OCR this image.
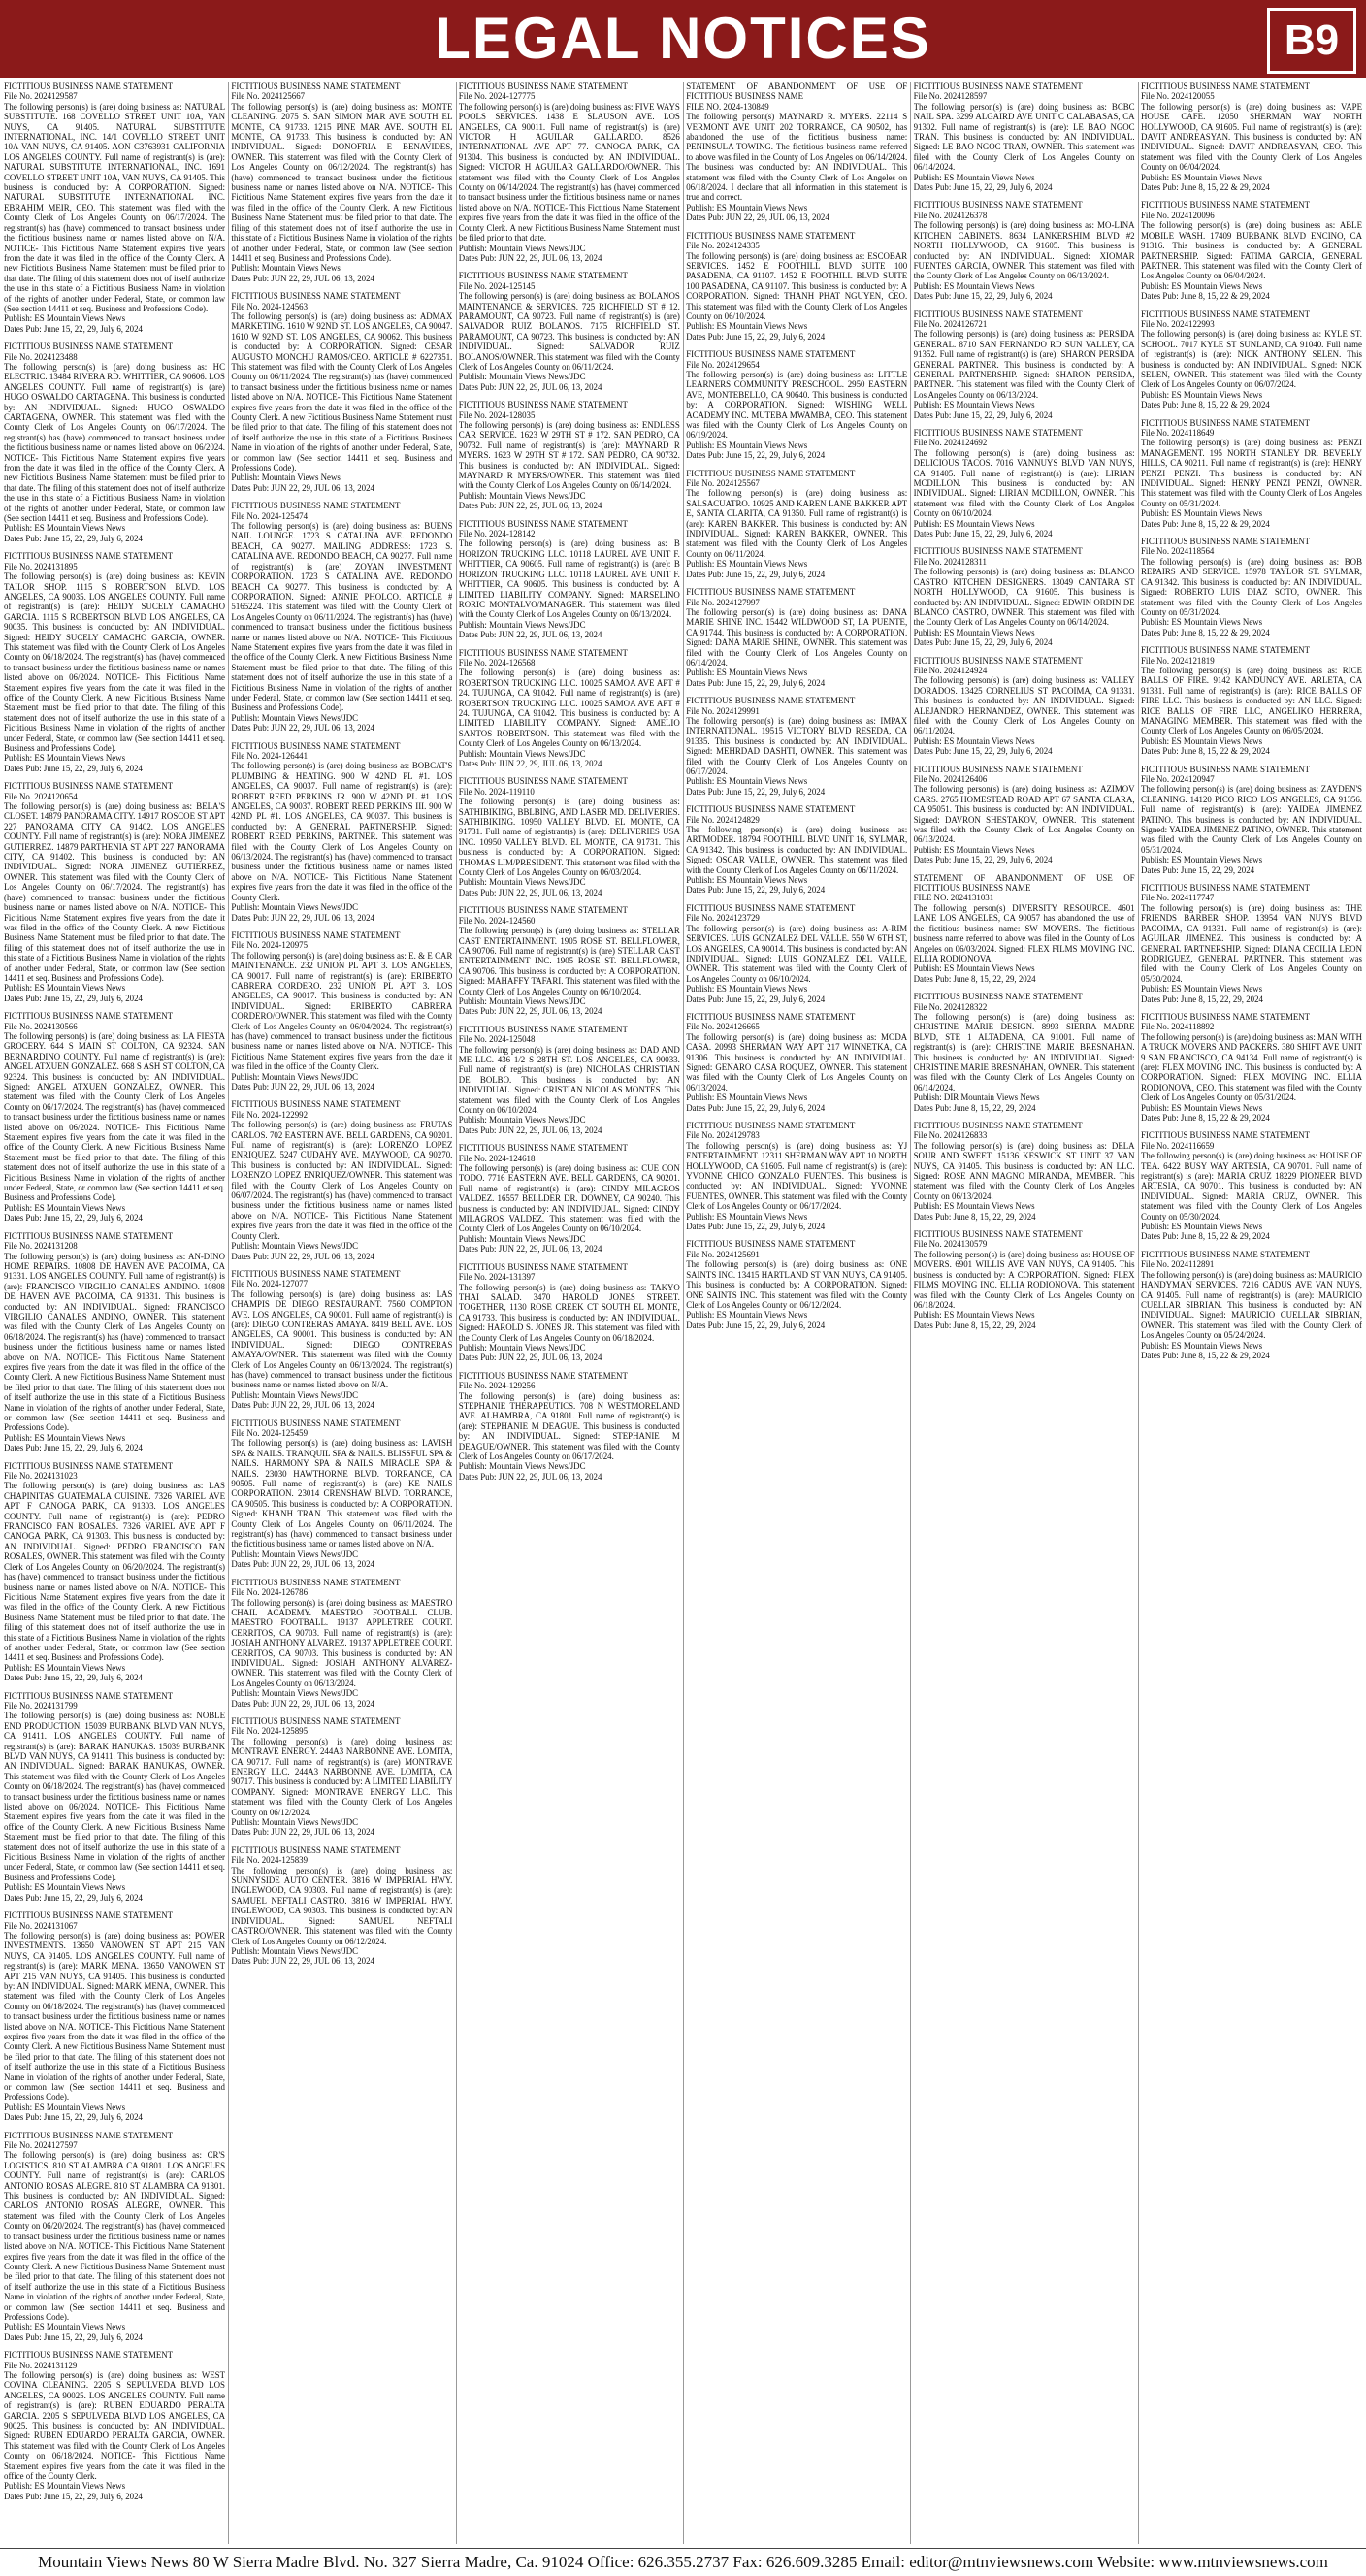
LEGAL NOTICES	B9
FICTITIOUS BUSINESS NAME STATEMENT
File No. 2024129587

The following person(s) is (are) doing business as: NATURAL SUBSTITUTE. 168 COVELLO STREET UNIT 10A, VAN NUYS, CA 91405. NATURAL SUBSTITUTE INTERNATIONAL, INC. 14/1 COVELLO STREET UNIT 10A VAN NUYS, CA 91405. AON C3763931 CALIFORNIA LOS ANGELES COUNTY. Full name of registrant(s) is (are): NATURAL SUBSTITUTE INTERNATIONAL, INC. 1691 COVELLO STREET UNIT 10A, VAN NUYS, CA 91405. This business is conducted by: A CORPORATION. Signed: NATURAL SUBSTITUTE INTERNATIONAL INC. EBRAHIM MEIR, CEO. This statement was filed with the County Clerk of Los Angeles County on 06/17/2024. The registrant(s) has (have) commenced to transact business under the fictitious business name or names listed above on N/A. NOTICE- This Fictitious Name Statement expires five years from the date it was filed in the office of the County Clerk. A new Fictitious Business Name Statement must be filed prior to that date. The filing of this statement does not of itself authorize the use in this state of a Fictitious Business Name in violation of the rights of another under Federal, State, or common law (See section 14411 et seq. Business and Professions Code).

Publish: ES Mountain Views News
Dates Pub: June 15, 22, 29, July 6, 2024
FICTITIOUS BUSINESS NAME STATEMENT
File No. 2024123488

The following person(s) is (are) doing business as: HC ELECTRIC. 13484 RIVERA RD. WHITTIER, CA 90606. LOS ANGELES COUNTY. Full name of registrant(s) is (are) HUGO OSWALDO CARTAGENA. This business is conducted by: AN INDIVIDUAL. Signed: HUGO OSWALDO CARTAGENA, OWNER. This statement was filed with the County Clerk of Los Angeles County on 06/17/2024. The registrant(s) has (have) commenced to transact business under the fictitious business name or names listed above on 06/2024. NOTICE- This Fictitious Name Statement expires five years from the date it was filed in the office of the County Clerk. A new Fictitious Business Name Statement must be filed prior to that date. The filing of this statement does not of itself authorize the use in this state of a Fictitious Business Name in violation of the rights of another under Federal, State, or common law (See section 14411 et seq. Business and Professions Code).

Publish: ES Mountain Views News
Dates Pub: June 15, 22, 29, July 6, 2024
FICTITIOUS BUSINESS NAME STATEMENT
File No. 2024131895

The following person(s) is (are) doing business as: KEVIN TAILOR SHOP. 1115 S ROBERTSON BLVD. LOS ANGELES, CA 90035. LOS ANGELES COUNTY. Full name of registrant(s) is (are): HEIDY SUCELY CAMACHO GARCIA. 1115 S ROBERTSON BLVD LOS ANGELES, CA 90035. This business is conducted by: AN INDIVIDUAL. Signed: HEIDY SUCELY CAMACHO GARCIA, OWNER. This statement was filed with the County Clerk of Los Angeles County on 06/18/2024. The registrant(s) has (have) commenced to transact business under the fictitious business name or names listed above on 06/2024. NOTICE- This Fictitious Name Statement expires five years from the date it was filed in the office of the County Clerk. A new Fictitious Business Name Statement must be filed prior to that date. The filing of this statement does not of itself authorize the use in this state of a Fictitious Business Name in violation of the rights of another under Federal, State, or common law (See section 14411 et seq. Business and Professions Code).

Publish: ES Mountain Views News
Dates Pub: June 15, 22, 29, July 6, 2024
FICTITIOUS BUSINESS NAME STATEMENT
File No. 2024120654

The following person(s) is (are) doing business as: BELA'S CLOSET. 14879 PANORAMA CITY. 14917 ROSCOE ST APT 227 PANORAMA CITY CA 91402. LOS ANGELES COUNTY. Full name of registrant(s) is (are): NORA JIMENEZ GUTIERREZ. 14879 PARTHENIA ST APT 227 PANORAMA CITY, CA 91402. This business is conducted by: AN INDIVIDUAL. Signed: NORA JIMENEZ GUTIERREZ, OWNER. This statement was filed with the County Clerk of Los Angeles County on 06/17/2024. The registrant(s) has (have) commenced to transact business under the fictitious business name or names listed above on N/A. NOTICE- This Fictitious Name Statement expires five years from the date it was filed in the office of the County Clerk. A new Fictitious Business Name Statement must be filed prior to that date. The filing of this statement does not of itself authorize the use in this state of a Fictitious Business Name in violation of the rights of another under Federal, State, or common law (See section 14411 et seq. Business and Professions Code).

Publish: ES Mountain Views News
Dates Pub: June 15, 22, 29, July 6, 2024
FICTITIOUS BUSINESS NAME STATEMENT
File No. 2024130566

The following person(s) is (are) doing business as: LA FIESTA GROCERY. 644 S MAIN ST COLTON, CA 92324. SAN BERNARDINO COUNTY. Full name of registrant(s) is (are): ANGEL ATXUEN GONZALEZ. 668 S ASH ST COLTON, CA 92324. This business is conducted by: AN INDIVIDUAL. Signed: ANGEL ATXUEN GONZALEZ, OWNER. This statement was filed with the County Clerk of Los Angeles County on 06/17/2024. The registrant(s) has (have) commenced to transact business under the fictitious business name or names listed above on 06/2024. NOTICE- This Fictitious Name Statement expires five years from the date it was filed in the office of the County Clerk. A new Fictitious Business Name Statement must be filed prior to that date. The filing of this statement does not of itself authorize the use in this state of a Fictitious Business Name in violation of the rights of another under Federal, State, or common law (See section 14411 et seq. Business and Professions Code).

Publish: ES Mountain Views News
Dates Pub: June 15, 22, 29, July 6, 2024
FICTITIOUS BUSINESS NAME STATEMENT
File No. 2024131208

The following person(s) is (are) doing business as: AN-DINO HOME REPAIRS. 10808 DE HAVEN AVE PACOIMA, CA 91331. LOS ANGELES COUNTY. Full name of registrant(s) is (are): FRANCISCO VIRGILIO CANALES ANDINO. 10808 DE HAVEN AVE PACOIMA, CA 91331. This business is conducted by: AN INDIVIDUAL. Signed: FRANCISCO VIRGILIO CANALES ANDINO, OWNER. This statement was filed with the County Clerk of Los Angeles County on 06/18/2024. The registrant(s) has (have) commenced to transact business under the fictitious business name or names listed above on N/A. NOTICE- This Fictitious Name Statement expires five years from the date it was filed in the office of the County Clerk. A new Fictitious Business Name Statement must be filed prior to that date. The filing of this statement does not of itself authorize the use in this state of a Fictitious Business Name in violation of the rights of another under Federal, State, or common law (See section 14411 et seq. Business and Professions Code).

Publish: ES Mountain Views News
Dates Pub: June 15, 22, 29, July 6, 2024
FICTITIOUS BUSINESS NAME STATEMENT
File No. 2024131023

The following person(s) is (are) doing business as: LAS CHAPINITAS GUATEMALA CUISINE. 7326 VARIEL AVE APT F CANOGA PARK, CA 91303. LOS ANGELES COUNTY. Full name of registrant(s) is (are): PEDRO FRANCISCO FAN ROSALES. 7326 VARIEL AVE APT F CANOGA PARK, CA 91303. This business is conducted by: AN INDIVIDUAL. Signed: PEDRO FRANCISCO FAN ROSALES, OWNER. This statement was filed with the County Clerk of Los Angeles County on 06/20/2024. The registrant(s) has (have) commenced to transact business under the fictitious business name or names listed above on N/A. NOTICE- This Fictitious Name Statement expires five years from the date it was filed in the office of the County Clerk. A new Fictitious Business Name Statement must be filed prior to that date. The filing of this statement does not of itself authorize the use in this state of a Fictitious Business Name in violation of the rights of another under Federal, State, or common law (See section 14411 et seq. Business and Professions Code).

Publish: ES Mountain Views News
Dates Pub: June 15, 22, 29, July 6, 2024
FICTITIOUS BUSINESS NAME STATEMENT
File No. 2024131799

The following person(s) is (are) doing business as: NOBLE END PRODUCTION. 15039 BURBANK BLVD VAN NUYS, CA 91411. LOS ANGELES COUNTY. Full name of registrant(s) is (are): BARAK HANUKAS. 15039 BURBANK BLVD VAN NUYS, CA 91411. This business is conducted by: AN INDIVIDUAL. Signed: BARAK HANUKAS, OWNER. This statement was filed with the County Clerk of Los Angeles County on 06/18/2024. The registrant(s) has (have) commenced to transact business under the fictitious business name or names listed above on 06/2024. NOTICE- This Fictitious Name Statement expires five years from the date it was filed in the office of the County Clerk. A new Fictitious Business Name Statement must be filed prior to that date. The filing of this statement does not of itself authorize the use in this state of a Fictitious Business Name in violation of the rights of another under Federal, State, or common law (See section 14411 et seq. Business and Professions Code).

Publish: ES Mountain Views News
Dates Pub: June 15, 22, 29, July 6, 2024
FICTITIOUS BUSINESS NAME STATEMENT
File No. 2024131067

The following person(s) is (are) doing business as: POWER INVESTMENTS. 13650 VANOWEN ST APT 215 VAN NUYS, CA 91405. LOS ANGELES COUNTY. Full name of registrant(s) is (are): MARK MENA. 13650 VANOWEN ST APT 215 VAN NUYS, CA 91405. This business is conducted by: AN INDIVIDUAL. Signed: MARK MENA, OWNER. This statement was filed with the County Clerk of Los Angeles County on 06/18/2024. The registrant(s) has (have) commenced to transact business under the fictitious business name or names listed above on N/A. NOTICE- This Fictitious Name Statement expires five years from the date it was filed in the office of the County Clerk. A new Fictitious Business Name Statement must be filed prior to that date. The filing of this statement does not of itself authorize the use in this state of a Fictitious Business Name in violation of the rights of another under Federal, State, or common law (See section 14411 et seq. Business and Professions Code).

Publish: ES Mountain Views News
Dates Pub: June 15, 22, 29, July 6, 2024
FICTITIOUS BUSINESS NAME STATEMENT
File No. 2024127597

The following person(s) is (are) doing business as: CR'S LOGISTICS. 810 ST ALAMBRA CA 91801. LOS ANGELES COUNTY. Full name of registrant(s) is (are): CARLOS ANTONIO ROSAS ALEGRE. 810 ST ALAMBRA CA 91801. This business is conducted by: AN INDIVIDUAL. Signed: CARLOS ANTONIO ROSAS ALEGRE, OWNER. This statement was filed with the County Clerk of Los Angeles County on 06/20/2024. The registrant(s) has (have) commenced to transact business under the fictitious business name or names listed above on N/A. NOTICE- This Fictitious Name Statement expires five years from the date it was filed in the office of the County Clerk. A new Fictitious Business Name Statement must be filed prior to that date. The filing of this statement does not of itself authorize the use in this state of a Fictitious Business Name in violation of the rights of another under Federal, State, or common law (See section 14411 et seq. Business and Professions Code).

Publish: ES Mountain Views News
Dates Pub: June 15, 22, 29, July 6, 2024
FICTITIOUS BUSINESS NAME STATEMENT
File No. 2024131129

The following person(s) is (are) doing business as: WEST COVINA CLEANING. 2205 S SEPULVEDA BLVD LOS ANGELES, CA 90025. LOS ANGELES COUNTY. Full name of registrant(s) is (are): RUBEN EDUARDO PERALTA GARCIA. 2205 S SEPULVEDA BLVD LOS ANGELES, CA 90025. This business is conducted by: AN INDIVIDUAL. Signed: RUBEN EDUARDO PERALTA GARCIA, OWNER. This statement was filed with the County Clerk of Los Angeles County on 06/18/2024. NOTICE- This Fictitious Name Statement expires five years from the date it was filed in the office of the County Clerk.

Publish: ES Mountain Views News
Dates Pub: June 15, 22, 29, July 6, 2024
FICTITIOUS BUSINESS NAME STATEMENT
File No. 2024125667

The following person(s) is (are) doing business as: MONTE CLEANING. 2075 S. SAN SIMON MAR AVE SOUTH EL MONTE, CA 91733. 1215 PINE MAR AVE. SOUTH EL MONTE, CA 91733. This business is conducted by: AN INDIVIDUAL. Signed: DONOFRIA E BENAVIDES, OWNER. This statement was filed with the County Clerk of Los Angeles County on 06/12/2024. The registrant(s) has (have) commenced to transact business under the fictitious business name or names listed above on N/A. NOTICE- This Fictitious Name Statement expires five years from the date it was filed in the office of the County Clerk. A new Fictitious Business Name Statement must be filed prior to that date. The filing of this statement does not of itself authorize the use in this state of a Fictitious Business Name in violation of the rights of another under Federal, State, or common law (See section 14411 et seq. Business and Professions Code).

Publish: Mountain Views News
Dates Pub: JUN 22, 29, JUL 06, 13, 2024
FICTITIOUS BUSINESS NAME STATEMENT
File No. 2024-124563

The following person(s) is (are) doing business as: ADMAX MARKETING. 1610 W 92ND ST. LOS ANGELES, CA 90047. 1610 W 92ND ST. LOS ANGELES, CA 90062. This business is conducted by: A CORPORATION. Signed: CESAR AUGUSTO MONCHU RAMOS/CEO. ARTICLE # 6227351. This statement was filed with the County Clerk of Los Angeles County on 06/11/2024. The registrant(s) has (have) commenced to transact business under the fictitious business name or names listed above on N/A. NOTICE- This Fictitious Name Statement expires five years from the date it was filed in the office of the County Clerk. A new Fictitious Business Name Statement must be filed prior to that date. The filing of this statement does not of itself authorize the use in this state of a Fictitious Business Name in violation of the rights of another under Federal, State, or common law (See section 14411 et seq. Business and Professions Code).

Publish: Mountain Views News
Dates Pub: JUN 22, 29, JUL 06, 13, 2024
FICTITIOUS BUSINESS NAME STATEMENT
File No. 2024-125474

The following person(s) is (are) doing business as: BUENS NAIL LOUNGE. 1723 S CATALINA AVE. REDONDO BEACH, CA 90277. MAILING ADDRESS: 1723 S. CATALINA AVE. REDONDO BEACH, CA 90277. Full name of registrant(s) is (are) ZOYAN INVESTMENT CORPORATION. 1723 S CATALINA AVE. REDONDO BEACH CA 90277. This business is conducted by: A CORPORATION. Signed: ANNIE PHOLCO. ARTICLE # 5165224. This statement was filed with the County Clerk of Los Angeles County on 06/11/2024. The registrant(s) has (have) commenced to transact business under the fictitious business name or names listed above on N/A. NOTICE- This Fictitious Name Statement expires five years from the date it was filed in the office of the County Clerk. A new Fictitious Business Name Statement must be filed prior to that date. The filing of this statement does not of itself authorize the use in this state of a Fictitious Business Name in violation of the rights of another under Federal, State, or common law (See section 14411 et seq. Business and Professions Code).

Publish: Mountain Views News/JDC
Dates Pub: JUN 22, 29, JUL 06, 13, 2024
FICTITIOUS BUSINESS NAME STATEMENT
File No. 2024-126441

The following person(s) is (are) doing business as: BOBCAT'S PLUMBING & HEATING. 900 W 42ND PL #1. LOS ANGELES, CA 90037. Full name of registrant(s) is (are): ROBERT REED PERKINS JR. 900 W 42ND PL #1. LOS ANGELES, CA 90037. ROBERT REED PERKINS III. 900 W 42ND PL #1. LOS ANGELES, CA 90037. This business is conducted by: A GENERAL PARTNERSHIP. Signed: ROBERT REED PERKINS, PARTNER. This statement was filed with the County Clerk of Los Angeles County on 06/13/2024. The registrant(s) has (have) commenced to transact business under the fictitious business name or names listed above on N/A. NOTICE- This Fictitious Name Statement expires five years from the date it was filed in the office of the County Clerk.

Publish: Mountain Views News/JDC
Dates Pub: JUN 22, 29, JUL 06, 13, 2024
FICTITIOUS BUSINESS NAME STATEMENT
File No. 2024-120975

The following person(s) is (are) doing business as: E. & E CAR MAINTENANCE. 232 UNION PL APT 3. LOS ANGELES, CA 90017. Full name of registrant(s) is (are): ERIBERTO CABRERA CORDERO. 232 UNION PL APT 3. LOS ANGELES, CA 90017. This business is conducted by: AN INDIVIDUAL. Signed: ERIBERTO CABRERA CORDERO/OWNER. This statement was filed with the County Clerk of Los Angeles County on 06/04/2024. The registrant(s) has (have) commenced to transact business under the fictitious business name or names listed above on N/A. NOTICE- This Fictitious Name Statement expires five years from the date it was filed in the office of the County Clerk.

Publish: Mountain Views News/JDC
Dates Pub: JUN 22, 29, JUL 06, 13, 2024
FICTITIOUS BUSINESS NAME STATEMENT
File No. 2024-122992

The following person(s) is (are) doing business as: FRUTAS CARLOS. 702 EASTERN AVE. BELL GARDENS, CA 90201. Full name of registrant(s) is (are): LORENZO LOPEZ ENRIQUEZ. 5247 CUDAHY AVE. MAYWOOD, CA 90270. This business is conducted by: AN INDIVIDUAL. Signed: LORENZO LOPEZ ENRIQUEZ/OWNER. This statement was filed with the County Clerk of Los Angeles County on 06/07/2024. The registrant(s) has (have) commenced to transact business under the fictitious business name or names listed above on N/A. NOTICE- This Fictitious Name Statement expires five years from the date it was filed in the office of the County Clerk.

Publish: Mountain Views News/JDC
Dates Pub: JUN 22, 29, JUL 06, 13, 2024
FICTITIOUS BUSINESS NAME STATEMENT
File No. 2024-127077

The following person(s) is (are) doing business as: LAS CHAMPIS DE DIEGO RESTAURANT. 7560 COMPTON AVE. LOS ANGELES, CA 90001. Full name of registrant(s) is (are): DIEGO CONTRERAS AMAYA. 8419 BELL AVE. LOS ANGELES, CA 90001. This business is conducted by: AN INDIVIDUAL. Signed: DIEGO CONTRERAS AMAYA/OWNER. This statement was filed with the County Clerk of Los Angeles County on 06/13/2024. The registrant(s) has (have) commenced to transact business under the fictitious business name or names listed above on N/A.

Publish: Mountain Views News/JDC
Dates Pub: JUN 22, 29, JUL 06, 13, 2024
FICTITIOUS BUSINESS NAME STATEMENT
File No. 2024-125459

The following person(s) is (are) doing business as: LAVISH SPA & NAILS. TRANQUIL SPA & NAILS. BLISSFUL SPA & NAILS. HARMONY SPA & NAILS. MIRACLE SPA & NAILS. 23030 HAWTHORNE BLVD. TORRANCE, CA 90505. Full name of registrant(s) is (are) KE NAILS CORPORATION. 23014 CRENSHAW BLVD. TORRANCE, CA 90505. This business is conducted by: A CORPORATION. Signed: KHANH TRAN. This statement was filed with the County Clerk of Los Angeles County on 06/11/2024. The registrant(s) has (have) commenced to transact business under the fictitious business name or names listed above on N/A.

Publish: Mountain Views News/JDC
Dates Pub: JUN 22, 29, JUL 06, 13, 2024
FICTITIOUS BUSINESS NAME STATEMENT
File No. 2024-126786

The following person(s) is (are) doing business as: MAESTRO CHAIL ACADEMY. MAESTRO FOOTBALL CLUB. MAESTRO FOOTBALL. 19137 APPLETREE COURT. CERRITOS, CA 90703. Full name of registrant(s) is (are): JOSIAH ANTHONY ALVAREZ. 19137 APPLETREE COURT. CERRITOS, CA 90703. This business is conducted by: AN INDIVIDUAL. Signed: JOSIAH ANTHONY ALVAREZ-OWNER. This statement was filed with the County Clerk of Los Angeles County on 06/13/2024.

Publish: Mountain Views News/JDC
Dates Pub: JUN 22, 29, JUL 06, 13, 2024
FICTITIOUS BUSINESS NAME STATEMENT
File No. 2024-125895

The following person(s) is (are) doing business as: MONTRAVE ENERGY. 244A3 NARBONNE AVE. LOMITA, CA 90717. Full name of registrant(s) is (are) MONTRAVE ENERGY LLC. 244A3 NARBONNE AVE. LOMITA, CA 90717. This business is conducted by: A LIMITED LIABILITY COMPANY. Signed: MONTRAVE ENERGY LLC. This statement was filed with the County Clerk of Los Angeles County on 06/12/2024.

Publish: Mountain Views News/JDC
Dates Pub: JUN 22, 29, JUL 06, 13, 2024
FICTITIOUS BUSINESS NAME STATEMENT
File No. 2024-125839

The following person(s) is (are) doing business as: SUNNYSIDE AUTO CENTER. 3816 W IMPERIAL HWY. INGLEWOOD, CA 90303. Full name of registrant(s) is (are): SAMUEL NEFTALI CASTRO. 3816 W IMPERIAL HWY. INGLEWOOD, CA 90303. This business is conducted by: AN INDIVIDUAL. Signed: SAMUEL NEFTALI CASTRO/OWNER. This statement was filed with the County Clerk of Los Angeles County on 06/12/2024.

Publish: Mountain Views News/JDC
Dates Pub: JUN 22, 29, JUL 06, 13, 2024
FICTITIOUS BUSINESS NAME STATEMENT
File No. 2024-127775

The following person(s) is (are) doing business as: FIVE WAYS POOLS SERVICES. 1438 E SLAUSON AVE. LOS ANGELES, CA 90011. Full name of registrant(s) is (are) VICTOR H AGUILAR GALLARDO. 8526 INTERNATIONAL AVE APT 77. CANOGA PARK, CA 91304. This business is conducted by: AN INDIVIDUAL. Signed: VICTOR H AGUILAR GALLARDO/OWNER. This statement was filed with the County Clerk of Los Angeles County on 06/14/2024. The registrant(s) has (have) commenced to transact business under the fictitious business name or names listed above on N/A. NOTICE- This Fictitious Name Statement expires five years from the date it was filed in the office of the County Clerk. A new Fictitious Business Name Statement must be filed prior to that date.

Publish: Mountain Views News/JDC
Dates Pub: JUN 22, 29, JUL 06, 13, 2024
FICTITIOUS BUSINESS NAME STATEMENT
File No. 2024-125145

The following person(s) is (are) doing business as: BOLANOS MAINTENANCE & SERVICES. 725 RICHFIELD ST # 12. PARAMOUNT, CA 90723. Full name of registrant(s) is (are) SALVADOR RUIZ BOLANOS. 7175 RICHFIELD ST. PARAMOUNT, CA 90723. This business is conducted by: AN INDIVIDUAL. Signed: SALVADOR RUIZ BOLANOS/OWNER. This statement was filed with the County Clerk of Los Angeles County on 06/11/2024.

Publish: Mountain Views News/JDC
Dates Pub: JUN 22, 29, JUL 06, 13, 2024
FICTITIOUS BUSINESS NAME STATEMENT
File No. 2024-128035

The following person(s) is (are) doing business as: ENDLESS CAR SERVICE. 1623 W 29TH ST # 172. SAN PEDRO, CA 90732. Full name of registrant(s) is (are): MAYNARD R MYERS. 1623 W 29TH ST # 172. SAN PEDRO, CA 90732. This business is conducted by: AN INDIVIDUAL. Signed: MAYNARD R MYERS/OWNER. This statement was filed with the County Clerk of Los Angeles County on 06/14/2024.

Publish: Mountain Views News/JDC
Dates Pub: JUN 22, 29, JUL 06, 13, 2024
FICTITIOUS BUSINESS NAME STATEMENT
File No. 2024-128142

The following person(s) is (are) doing business as: B HORIZON TRUCKING LLC. 10118 LAUREL AVE UNIT F. WHITTIER, CA 90605. Full name of registrant(s) is (are): B HORIZON TRUCKING LLC. 10118 LAUREL AVE UNIT F. WHITTIER, CA 90605. This business is conducted by: A LIMITED LIABILITY COMPANY. Signed: MARSELINO RORIC MONTALVO/MANAGER. This statement was filed with the County Clerk of Los Angeles County on 06/13/2024.

Publish: Mountain Views News/JDC
Dates Pub: JUN 22, 29, JUL 06, 13, 2024
FICTITIOUS BUSINESS NAME STATEMENT
File No. 2024-126568

The following person(s) is (are) doing business as: ROBERTSON TRUCKING LLC. 10025 SAMOA AVE APT # 24. TUJUNGA, CA 91042. Full name of registrant(s) is (are) ROBERTSON TRUCKING LLC. 10025 SAMOA AVE APT # 24. TUJUNGA, CA 91042. This business is conducted by: A LIMITED LIABILITY COMPANY. Signed: AMELIO SANTOS ROBERTSON. This statement was filed with the County Clerk of Los Angeles County on 06/13/2024.

Publish: Mountain Views News/JDC
Dates Pub: JUN 22, 29, JUL 06, 13, 2024
FICTITIOUS BUSINESS NAME STATEMENT
File No. 2024-119110

The following person(s) is (are) doing business as: SATHIBIKING, BBLBING, AND LASER MD. DELIVERIES. SATHIBIKING. 10950 VALLEY BLVD. EL MONTE, CA 91731. Full name of registrant(s) is (are): DELIVERIES USA INC. 10950 VALLEY BLVD. EL MONTE, CA 91731. This business is conducted by: A CORPORATION. Signed: THOMAS LIM/PRESIDENT. This statement was filed with the County Clerk of Los Angeles County on 06/03/2024.

Publish: Mountain Views News/JDC
Dates Pub: JUN 22, 29, JUL 06, 13, 2024
FICTITIOUS BUSINESS NAME STATEMENT
File No. 2024-124560

The following person(s) is (are) doing business as: STELLAR CAST ENTERTAINMENT. 1905 ROSE ST. BELLFLOWER, CA 90706. Full name of registrant(s) is (are) STELLAR CAST ENTERTAINMENT INC. 1905 ROSE ST. BELLFLOWER, CA 90706. This business is conducted by: A CORPORATION. Signed: MAHAFFY TAFARI. This statement was filed with the County Clerk of Los Angeles County on 06/10/2024.

Publish: Mountain Views News/JDC
Dates Pub: JUN 22, 29, JUL 06, 13, 2024
FICTITIOUS BUSINESS NAME STATEMENT
File No. 2024-125048

The following person(s) is (are) doing business as: DAD AND ME LLC. 436 1/2 S 28TH ST. LOS ANGELES, CA 90033. Full name of registrant(s) is (are) NICHOLAS CHRISTIAN DE BOLBO. This business is conducted by: AN INDIVIDUAL. Signed: CRISTIAN NICOLAS MONTES. This statement was filed with the County Clerk of Los Angeles County on 06/10/2024.

Publish: Mountain Views News/JDC
Dates Pub: JUN 22, 29, JUL 06, 13, 2024
FICTITIOUS BUSINESS NAME STATEMENT
File No. 2024-124618

The following person(s) is (are) doing business as: CUE CON TODO. 7716 EASTERN AVE. BELL GARDENS, CA 90201. Full name of registrant(s) is (are): CINDY MILAGROS VALDEZ. 16557 BELLDER DR. DOWNEY, CA 90240. This business is conducted by: AN INDIVIDUAL. Signed: CINDY MILAGROS VALDEZ. This statement was filed with the County Clerk of Los Angeles County on 06/10/2024.

Publish: Mountain Views News/JDC
Dates Pub: JUN 22, 29, JUL 06, 13, 2024
FICTITIOUS BUSINESS NAME STATEMENT
File No. 2024-131397

The following person(s) is (are) doing business as: TAKYO THAI SALAD. 3470 HAROLD JONES STREET. TOGETHER, 1130 ROSE CREEK CT SOUTH EL MONTE, CA 91733. This business is conducted by: AN INDIVIDUAL. Signed: HAROLD S. JONES JR. This statement was filed with the County Clerk of Los Angeles County on 06/18/2024.

Publish: Mountain Views News/JDC
Dates Pub: JUN 22, 29, JUL 06, 13, 2024
FICTITIOUS BUSINESS NAME STATEMENT
File No. 2024-129256

The following person(s) is (are) doing business as: STEPHANIE THERAPEUTICS. 708 N WESTMORELAND AVE. ALHAMBRA, CA 91801. Full name of registrant(s) is (are): STEPHANIE M DEAGUE. This business is conducted by: AN INDIVIDUAL. Signed: STEPHANIE M DEAGUE/OWNER. This statement was filed with the County Clerk of Los Angeles County on 06/17/2024.

Publish: Mountain Views News/JDC
Dates Pub: JUN 22, 29, JUL 06, 13, 2024
STATEMENT OF ABANDONMENT OF USE OF FICTITIOUS BUSINESS NAME
FILE NO. 2024-130849

The following person(s) MAYNARD R. MYERS. 22114 S VERMONT AVE UNIT 202 TORRANCE, CA 90502, has abandoned the use of the fictitious business name: PENINSULA TOWING. The fictitious business name referred to above was filed in the County of Los Angeles on 06/14/2024. The business was conducted by: AN INDIVIDUAL. This statement was filed with the County Clerk of Los Angeles on 06/18/2024. I declare that all information in this statement is true and correct.

Publish: ES Mountain Views News
Dates Pub: JUN 22, 29, JUL 06, 13, 2024
FICTITIOUS BUSINESS NAME STATEMENT
File No. 2024124335

The following person(s) is (are) doing business as: ESCOBAR SERVICES. 1452 E FOOTHILL BLVD SUITE 100 PASADENA, CA 91107. 1452 E FOOTHILL BLVD SUITE 100 PASADENA, CA 91107. This business is conducted by: A CORPORATION. Signed: THANH PHAT NGUYEN, CEO. This statement was filed with the County Clerk of Los Angeles County on 06/10/2024.

Publish: ES Mountain Views News
Dates Pub: June 15, 22, 29, July 6, 2024
FICTITIOUS BUSINESS NAME STATEMENT
File No. 2024129654

The following person(s) is (are) doing business as: LITTLE LEARNERS COMMUNITY PRESCHOOL. 2950 EASTERN AVE, MONTEBELLO, CA 90640. This business is conducted by: A CORPORATION. Signed: WISHING WELL ACADEMY INC. MUTEBA MWAMBA, CEO. This statement was filed with the County Clerk of Los Angeles County on 06/19/2024.

Publish: ES Mountain Views News
Dates Pub: June 15, 22, 29, July 6, 2024
FICTITIOUS BUSINESS NAME STATEMENT
File No. 2024125567

The following person(s) is (are) doing business as: SALSACUATRO. 10925 AND KAREN LANE BAKKER APT E, SANTA CLARITA, CA 91350. Full name of registrant(s) is (are): KAREN BAKKER. This business is conducted by: AN INDIVIDUAL. Signed: KAREN BAKKER, OWNER. This statement was filed with the County Clerk of Los Angeles County on 06/11/2024.

Publish: ES Mountain Views News
Dates Pub: June 15, 22, 29, July 6, 2024
FICTITIOUS BUSINESS NAME STATEMENT
File No. 2024127997

The following person(s) is (are) doing business as: DANA MARIE SHINE INC. 15442 WILDWOOD ST, LA PUENTE, CA 91744. This business is conducted by: A CORPORATION. Signed: DANA MARIE SHINE, OWNER. This statement was filed with the County Clerk of Los Angeles County on 06/14/2024.

Publish: ES Mountain Views News
Dates Pub: June 15, 22, 29, July 6, 2024
FICTITIOUS BUSINESS NAME STATEMENT
File No. 2024129991

The following person(s) is (are) doing business as: IMPAX INTERNATIONAL. 19515 VICTORY BLVD RESEDA, CA 91335. This business is conducted by: AN INDIVIDUAL. Signed: MEHRDAD DASHTI, OWNER. This statement was filed with the County Clerk of Los Angeles County on 06/17/2024.

Publish: ES Mountain Views News
Dates Pub: June 15, 22, 29, July 6, 2024
FICTITIOUS BUSINESS NAME STATEMENT
File No. 2024124829

The following person(s) is (are) doing business as: ARTMODER. 18794 FOOTHILL BLVD UNIT 16, SYLMAR, CA 91342. This business is conducted by: AN INDIVIDUAL. Signed: OSCAR VALLE, OWNER. This statement was filed with the County Clerk of Los Angeles County on 06/11/2024.

Publish: ES Mountain Views News
Dates Pub: June 15, 22, 29, July 6, 2024
FICTITIOUS BUSINESS NAME STATEMENT
File No. 2024123729

The following person(s) is (are) doing business as: A-RIM SERVICES. LUIS GONZALEZ DEL VALLE. 550 W 6TH ST, LOS ANGELES, CA 90014. This business is conducted by: AN INDIVIDUAL. Signed: LUIS GONZALEZ DEL VALLE, OWNER. This statement was filed with the County Clerk of Los Angeles County on 06/10/2024.

Publish: ES Mountain Views News
Dates Pub: June 15, 22, 29, July 6, 2024
FICTITIOUS BUSINESS NAME STATEMENT
File No. 2024126665

The following person(s) is (are) doing business as: MODA CASA. 20993 SHERMAN WAY APT 217 WINNETKA, CA 91306. This business is conducted by: AN INDIVIDUAL. Signed: GENARO CASA ROQUEZ, OWNER. This statement was filed with the County Clerk of Los Angeles County on 06/13/2024.

Publish: ES Mountain Views News
Dates Pub: June 15, 22, 29, July 6, 2024
FICTITIOUS BUSINESS NAME STATEMENT
File No. 2024129783

The following person(s) is (are) doing business as: YJ ENTERTAINMENT. 12311 SHERMAN WAY APT 10 NORTH HOLLYWOOD, CA 91605. Full name of registrant(s) is (are): YVONNE CHICO GONZALO FUENTES. This business is conducted by: AN INDIVIDUAL. Signed: YVONNE FUENTES, OWNER. This statement was filed with the County Clerk of Los Angeles County on 06/17/2024.

Publish: ES Mountain Views News
Dates Pub: June 15, 22, 29, July 6, 2024
FICTITIOUS BUSINESS NAME STATEMENT
File No. 2024125691

The following person(s) is (are) doing business as: ONE SAINTS INC. 13415 HARTLAND ST VAN NUYS, CA 91405. This business is conducted by: A CORPORATION. Signed: ONE SAINTS INC. This statement was filed with the County Clerk of Los Angeles County on 06/12/2024.

Publish: ES Mountain Views News
Dates Pub: June 15, 22, 29, July 6, 2024
FICTITIOUS BUSINESS NAME STATEMENT
File No. 2024128597

The following person(s) is (are) doing business as: BCBC NAIL SPA. 3299 ALGAIRD AVE UNIT C CALABASAS, CA 91302. Full name of registrant(s) is (are): LE BAO NGOC TRAN. This business is conducted by: AN INDIVIDUAL. Signed: LE BAO NGOC TRAN, OWNER. This statement was filed with the County Clerk of Los Angeles County on 06/14/2024.

Publish: ES Mountain Views News
Dates Pub: June 15, 22, 29, July 6, 2024
FICTITIOUS BUSINESS NAME STATEMENT
File No. 2024126378

The following person(s) is (are) doing business as: MO-LINA KITCHEN CABINETS. 8634 LANKERSHIM BLVD #2 NORTH HOLLYWOOD, CA 91605. This business is conducted by: AN INDIVIDUAL. Signed: XIOMAR FUENTES GARCIA, OWNER. This statement was filed with the County Clerk of Los Angeles County on 06/13/2024.

Publish: ES Mountain Views News
Dates Pub: June 15, 22, 29, July 6, 2024
FICTITIOUS BUSINESS NAME STATEMENT
File No. 2024126721

The following person(s) is (are) doing business as: PERSIDA GENERAL. 8710 SAN FERNANDO RD SUN VALLEY, CA 91352. Full name of registrant(s) is (are): SHARON PERSIDA GENERAL PARTNER. This business is conducted by: A GENERAL PARTNERSHIP. Signed: SHARON PERSIDA, PARTNER. This statement was filed with the County Clerk of Los Angeles County on 06/13/2024.

Publish: ES Mountain Views News
Dates Pub: June 15, 22, 29, July 6, 2024
FICTITIOUS BUSINESS NAME STATEMENT
File No. 2024124692

The following person(s) is (are) doing business as: DELICIOUS TACOS. 7016 VANNUYS BLVD VAN NUYS, CA 91405. Full name of registrant(s) is (are): LIRIAN MCDILLON. This business is conducted by: AN INDIVIDUAL. Signed: LIRIAN MCDILLON, OWNER. This statement was filed with the County Clerk of Los Angeles County on 06/10/2024.

Publish: ES Mountain Views News
Dates Pub: June 15, 22, 29, July 6, 2024
FICTITIOUS BUSINESS NAME STATEMENT
File No. 2024128311

The following person(s) is (are) doing business as: BLANCO CASTRO KITCHEN DESIGNERS. 13049 CANTARA ST NORTH HOLLYWOOD, CA 91605. This business is conducted by: AN INDIVIDUAL. Signed: EDWIN ORDIN DE BLANCO CASTRO, OWNER. This statement was filed with the County Clerk of Los Angeles County on 06/14/2024.

Publish: ES Mountain Views News
Dates Pub: June 15, 22, 29, July 6, 2024
FICTITIOUS BUSINESS NAME STATEMENT
File No. 2024124924

The following person(s) is (are) doing business as: VALLEY DORADOS. 13425 CORNELIUS ST PACOIMA, CA 91331. This business is conducted by: AN INDIVIDUAL. Signed: ALEJANDRO HERNANDEZ, OWNER. This statement was filed with the County Clerk of Los Angeles County on 06/11/2024.

Publish: ES Mountain Views News
Dates Pub: June 15, 22, 29, July 6, 2024
FICTITIOUS BUSINESS NAME STATEMENT
File No. 2024126406

The following person(s) is (are) doing business as: AZIMOV CARS. 2765 HOMESTEAD ROAD APT 67 SANTA CLARA, CA 95051. This business is conducted by: AN INDIVIDUAL. Signed: DAVRON SHESTAKOV, OWNER. This statement was filed with the County Clerk of Los Angeles County on 06/13/2024.

Publish: ES Mountain Views News
Dates Pub: June 15, 22, 29, July 6, 2024
STATEMENT OF ABANDONMENT OF USE OF FICTITIOUS BUSINESS NAME
FILE NO. 2024131031

The following person(s) DIVERSITY RESOURCE. 4601 LANE LOS ANGELES, CA 90057 has abandoned the use of the fictitious business name: SW MOVERS. The fictitious business name referred to above was filed in the County of Los Angeles on 06/03/2024. Signed: FLEX FILMS MOVING INC. ELLIA RODIONOVA.

Publish: ES Mountain Views News
Dates Pub: June 8, 15, 22, 29, 2024
FICTITIOUS BUSINESS NAME STATEMENT
File No. 2024128322

The following person(s) is (are) doing business as: CHRISTINE MARIE DESIGN. 8993 SIERRA MADRE BLVD, STE 1 ALTADENA, CA 91001. Full name of registrant(s) is (are): CHRISTINE MARIE BRESNAHAN. This business is conducted by: AN INDIVIDUAL. Signed: CHRISTINE MARIE BRESNAHAN, OWNER. This statement was filed with the County Clerk of Los Angeles County on 06/14/2024.

Publish: DIR Mountain Views News
Dates Pub: June 8, 15, 22, 29, 2024
FICTITIOUS BUSINESS NAME STATEMENT
File No. 2024126833

The following person(s) is (are) doing business as: DELA SOUR AND SWEET. 15136 KESWICK ST UNIT 37 VAN NUYS, CA 91405. This business is conducted by: AN LLC. Signed: ROSE ANN MAGNO MIRANDA, MEMBER. This statement was filed with the County Clerk of Los Angeles County on 06/13/2024.

Publish: ES Mountain Views News
Dates Pub: June 8, 15, 22, 29, 2024
FICTITIOUS BUSINESS NAME STATEMENT
File No. 2024130579

The following person(s) is (are) doing business as: HOUSE OF MOVERS. 6901 WILLIS AVE VAN NUYS, CA 91405. This business is conducted by: A CORPORATION. Signed: FLEX FILMS MOVING INC. ELLIA RODIONOVA. This statement was filed with the County Clerk of Los Angeles County on 06/18/2024.

Publish: ES Mountain Views News
Dates Pub: June 8, 15, 22, 29, 2024
FICTITIOUS BUSINESS NAME STATEMENT
File No. 2024120055

The following person(s) is (are) doing business as: VAPE HOUSE CAFE. 12050 SHERMAN WAY NORTH HOLLYWOOD, CA 91605. Full name of registrant(s) is (are): DAVIT ANDREASYAN. This business is conducted by: AN INDIVIDUAL. Signed: DAVIT ANDREASYAN, CEO. This statement was filed with the County Clerk of Los Angeles County on 06/04/2024.

Publish: ES Mountain Views News
Dates Pub: June 8, 15, 22 & 29, 2024
FICTITIOUS BUSINESS NAME STATEMENT
File No. 2024120096

The following person(s) is (are) doing business as: ABLE MOBILE WASH. 17409 BURBANK BLVD ENCINO, CA 91316. This business is conducted by: A GENERAL PARTNERSHIP. Signed: FATIMA GARCIA, GENERAL PARTNER. This statement was filed with the County Clerk of Los Angeles County on 06/04/2024.

Publish: ES Mountain Views News
Dates Pub: June 8, 15, 22 & 29, 2024
FICTITIOUS BUSINESS NAME STATEMENT
File No. 2024122993

The following person(s) is (are) doing business as: KYLE ST. SCHOOL. 7017 KYLE ST SUNLAND, CA 91040. Full name of registrant(s) is (are): NICK ANTHONY SELEN. This business is conducted by: AN INDIVIDUAL. Signed: NICK SELEN, OWNER. This statement was filed with the County Clerk of Los Angeles County on 06/07/2024.

Publish: ES Mountain Views News
Dates Pub: June 8, 15, 22 & 29, 2024
FICTITIOUS BUSINESS NAME STATEMENT
File No. 2024118649

The following person(s) is (are) doing business as: PENZI MANAGEMENT. 195 NORTH STANLEY DR. BEVERLY HILLS, CA 90211. Full name of registrant(s) is (are): HENRY PENZI PENZI. This business is conducted by: AN INDIVIDUAL. Signed: HENRY PENZI PENZI, OWNER. This statement was filed with the County Clerk of Los Angeles County on 05/31/2024.

Publish: ES Mountain Views News
Dates Pub: June 8, 15, 22 & 29, 2024
FICTITIOUS BUSINESS NAME STATEMENT
File No. 2024118564

The following person(s) is (are) doing business as: BOB REPAIRS AND SERVICE. 15978 TAYLOR ST. SYLMAR, CA 91342. This business is conducted by: AN INDIVIDUAL. Signed: ROBERTO LUIS DIAZ SOTO, OWNER. This statement was filed with the County Clerk of Los Angeles County on 05/31/2024.

Publish: ES Mountain Views News
Dates Pub: June 8, 15, 22 & 29, 2024
FICTITIOUS BUSINESS NAME STATEMENT
File No. 2024121819

The following person(s) is (are) doing business as: RICE BALLS OF FIRE. 9142 KANDUNCY AVE. ARLETA, CA 91331. Full name of registrant(s) is (are): RICE BALLS OF FIRE LLC. This business is conducted by: AN LLC. Signed: RICE BALLS OF FIRE LLC, ANGELIKO HERRERA, MANAGING MEMBER. This statement was filed with the County Clerk of Los Angeles County on 06/05/2024.

Publish: ES Mountain Views News
Dates Pub: June 8, 15, 22 & 29, 2024
FICTITIOUS BUSINESS NAME STATEMENT
File No. 2024120947

The following person(s) is (are) doing business as: ZAYDEN'S CLEANING. 14120 PICO RICO LOS ANGELES, CA 91356. Full name of registrant(s) is (are): YAIDEA JIMENEZ PATINO. This business is conducted by: AN INDIVIDUAL. Signed: YAIDEA JIMENEZ PATINO, OWNER. This statement was filed with the County Clerk of Los Angeles County on 05/31/2024.

Publish: ES Mountain Views News
Dates Pub: June 15, 22, 29, 2024
FICTITIOUS BUSINESS NAME STATEMENT
File No. 2024117747

The following person(s) is (are) doing business as: THE FRIENDS BARBER SHOP. 13954 VAN NUYS BLVD PACOIMA, CA 91331. Full name of registrant(s) is (are): AGUILAR JIMENEZ. This business is conducted by: A GENERAL PARTNERSHIP. Signed: DIANA CECILIA LEON RODRIGUEZ, GENERAL PARTNER. This statement was filed with the County Clerk of Los Angeles County on 05/30/2024.

Publish: ES Mountain Views News
Dates Pub: June 8, 15, 22, 29, 2024
FICTITIOUS BUSINESS NAME STATEMENT
File No. 2024118892

The following person(s) is (are) doing business as: MAN WITH A TRUCK MOVERS AND PACKERS. 380 SHIFT AVE UNIT 9 SAN FRANCISCO, CA 94134. Full name of registrant(s) is (are): FLEX MOVING INC. This business is conducted by: A CORPORATION. Signed: FLEX MOVING INC. ELLIA RODIONOVA, CEO. This statement was filed with the County Clerk of Los Angeles County on 05/31/2024.

Publish: ES Mountain Views News
Dates Pub: June 8, 15, 22 & 29, 2024
FICTITIOUS BUSINESS NAME STATEMENT
File No. 2024116659

The following person(s) is (are) doing business as: HOUSE OF TEA. 6422 BUSY WAY ARTESIA, CA 90701. Full name of registrant(s) is (are): MARIA CRUZ 18229 PIONEER BLVD ARTESIA, CA 90701. This business is conducted by: AN INDIVIDUAL. Signed: MARIA CRUZ, OWNER. This statement was filed with the County Clerk of Los Angeles County on 05/30/2024.

Publish: ES Mountain Views News
Dates Pub: June 8, 15, 22 & 29, 2024
FICTITIOUS BUSINESS NAME STATEMENT
File No. 2024112891

The following person(s) is (are) doing business as: MAURICIO HANDYMAN SERVICES. 7216 CADUS AVE VAN NUYS, CA 91405. Full name of registrant(s) is (are): MAURICIO CUELLAR SIBRIAN. This business is conducted by: AN INDIVIDUAL. Signed: MAURICIO CUELLAR SIBRIAN, OWNER. This statement was filed with the County Clerk of Los Angeles County on 05/24/2024.

Publish: ES Mountain Views News
Dates Pub: June 8, 15, 22 & 29, 2024
Mountain Views News 80 W Sierra Madre Blvd. No. 327 Sierra Madre, Ca. 91024 Office: 626.355.2737 Fax: 626.609.3285 Email: editor@mtnviewsnews.com Website: www.mtnviewsnews.com
